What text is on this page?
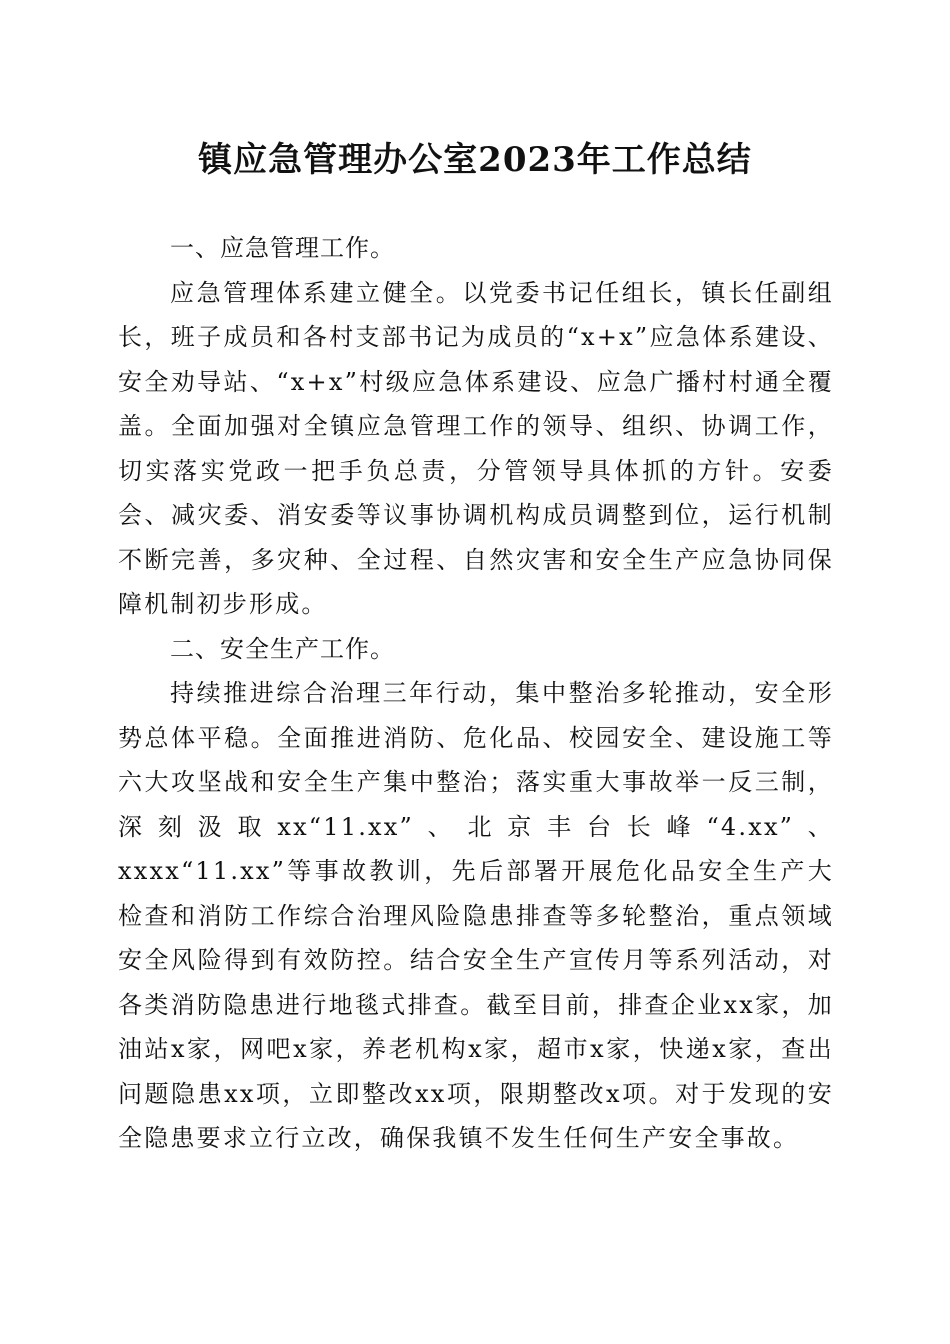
镇应急管理办公室2023年工作总结
一、应急管理工作。

应急管理体系建立健全。以党委书记任组长，镇长任副组长，班子成员和各村支部书记为成员的“x+x”应急体系建设、安全劝导站、“x+x”村级应急体系建设、应急广播村村通全覆盖。全面加强对全镇应急管理工作的领导、组织、协调工作，切实落实党政一把手负总责，分管领导具体抓的方针。安委会、减灾委、消安委等议事协调机构成员调整到位，运行机制不断完善，多灾种、全过程、自然灾害和安全生产应急协同保障机制初步形成。

二、安全生产工作。

持续推进综合治理三年行动，集中整治多轮推动，安全形势总体平稳。全面推进消防、危化品、校园安全、建设施工等六大攻坚战和安全生产集中整治；落实重大事故举一反三制，深刻汲取xx“11.xx”、北京丰台长峰“4.xx”、xxxx“11.xx”等事故教训，先后部署开展危化品安全生产大检查和消防工作综合治理风险隐患排查等多轮整治，重点领域安全风险得到有效防控。结合安全生产宣传月等系列活动，对各类消防隐患进行地毯式排查。截至目前，排查企业xx家，加油站x家，网吧x家，养老机构x家，超市x家，快递x家，查出问题隐患xx项，立即整改xx项，限期整改x项。对于发现的安全隐患要求立行立改，确保我镇不发生任何生产安全事故。
